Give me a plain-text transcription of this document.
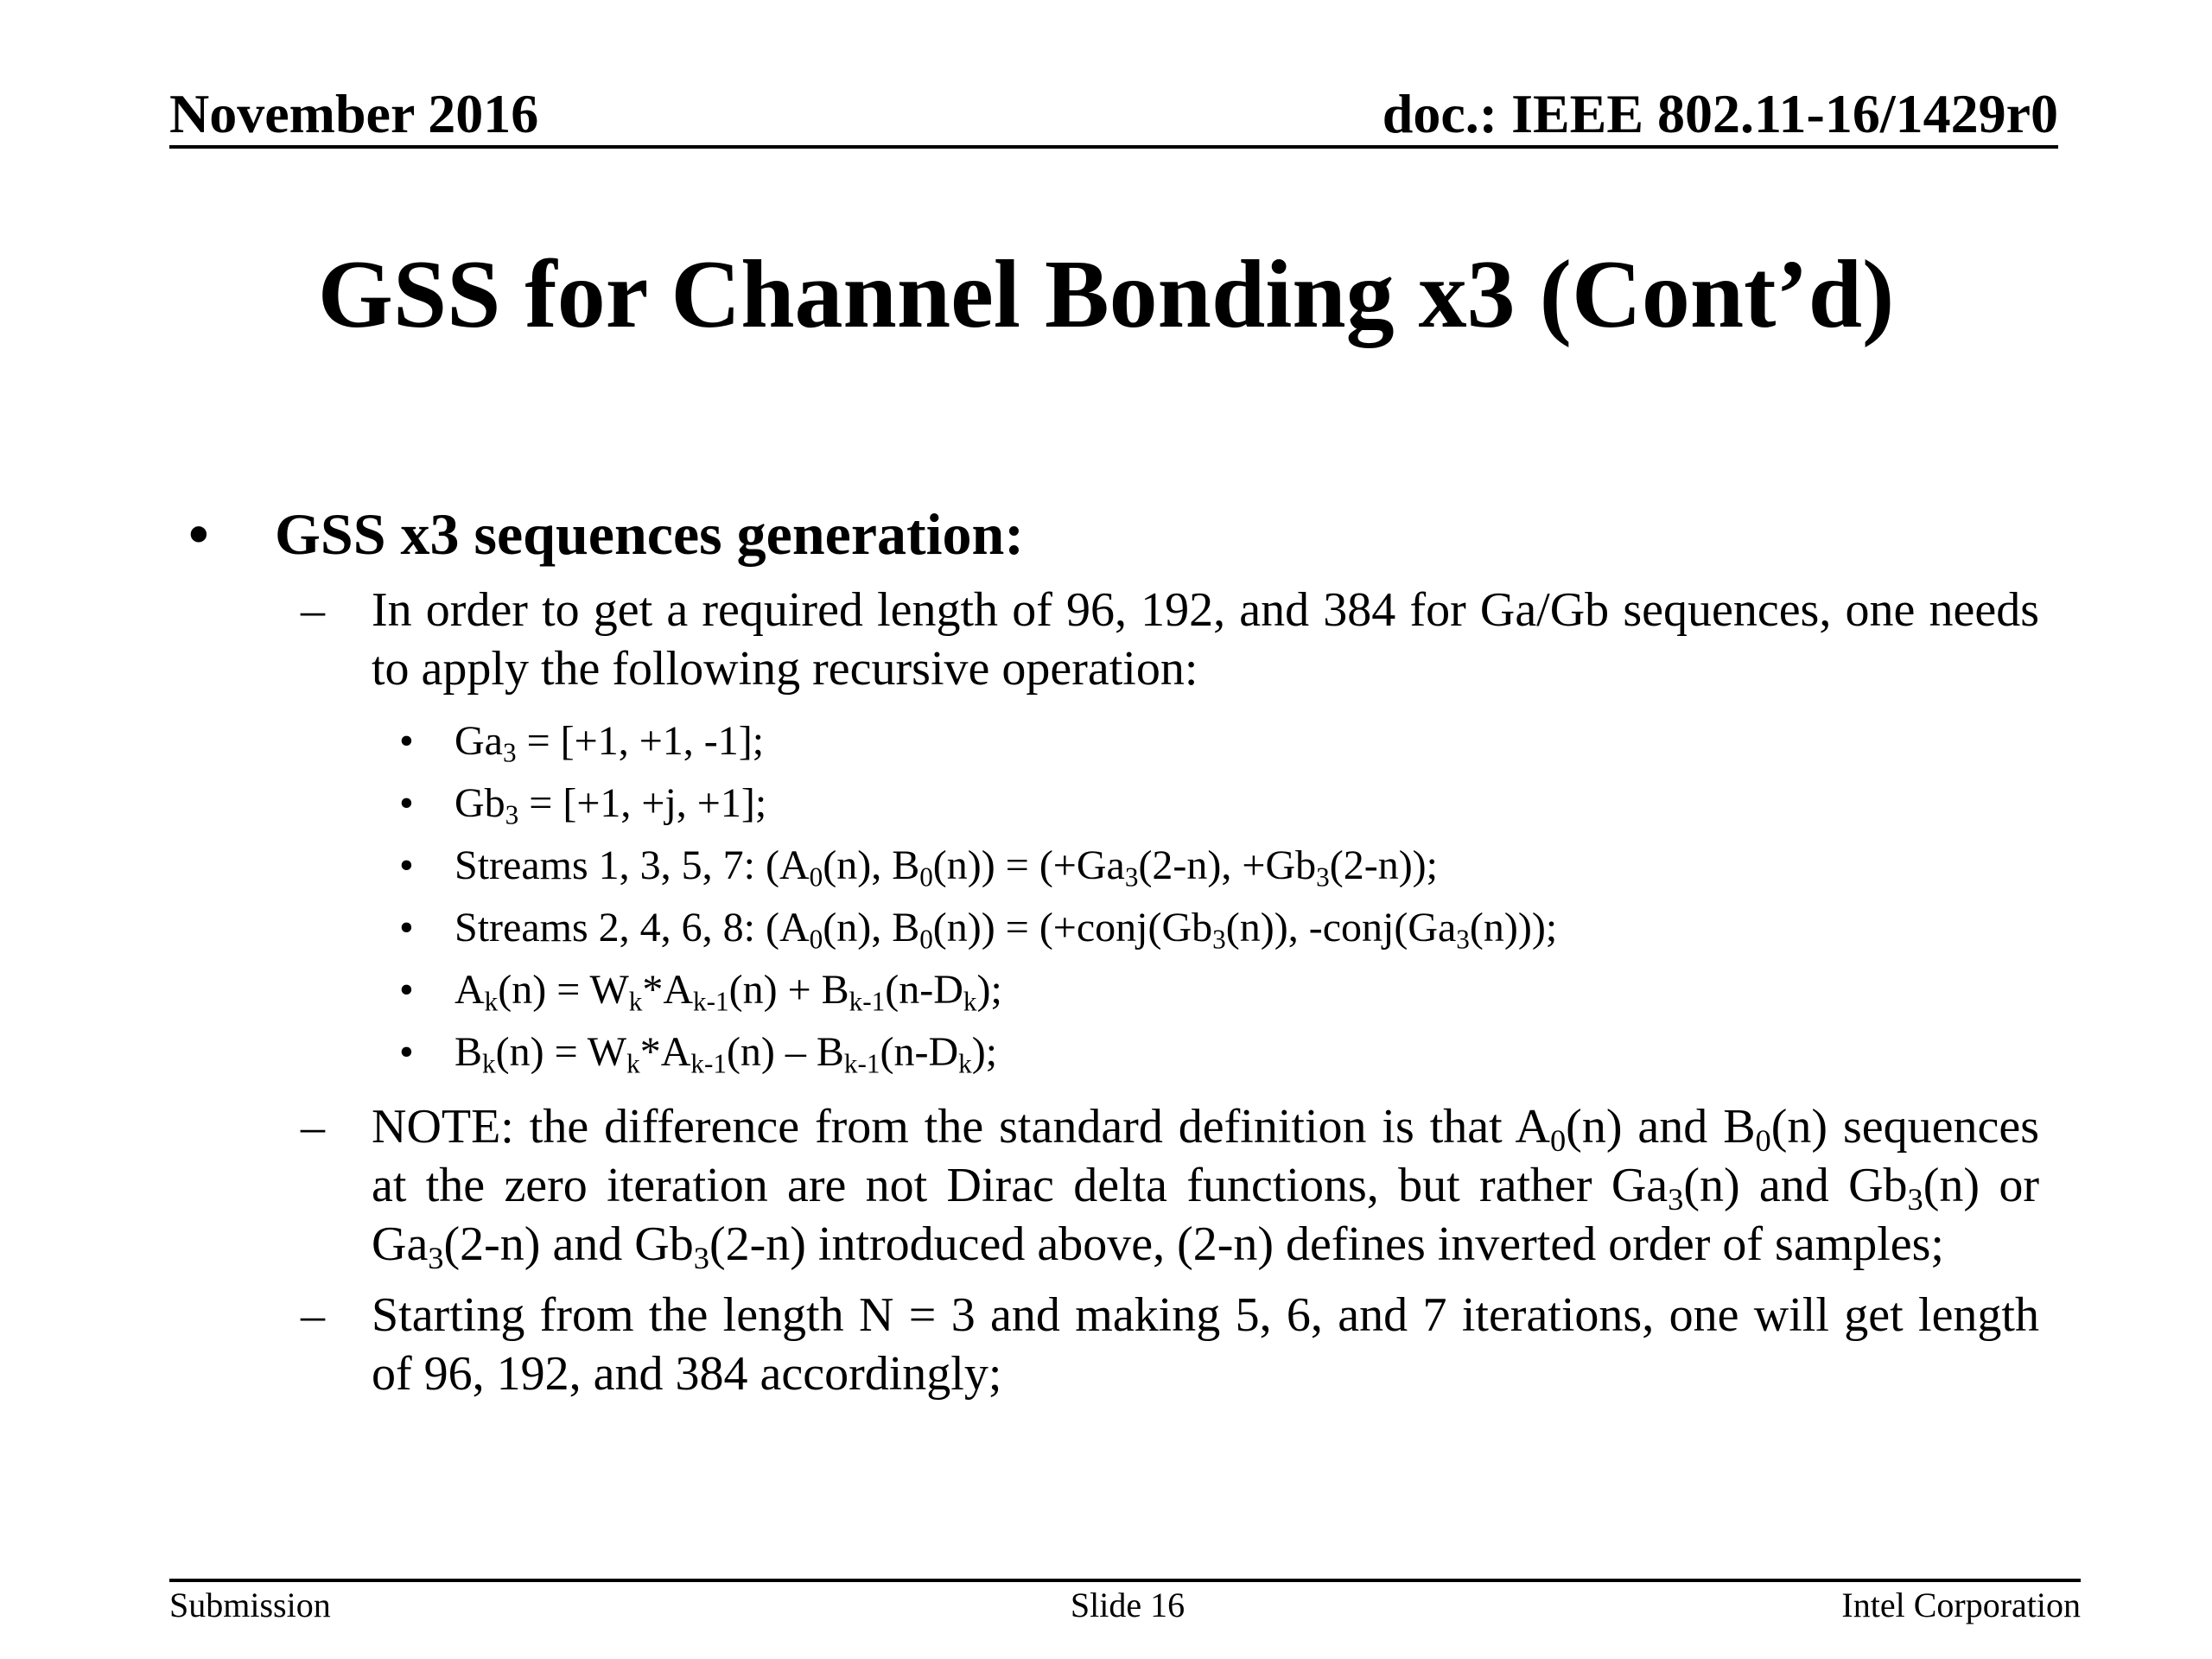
November 2016	doc.: IEEE 802.11-16/1429r0
GSS for Channel Bonding x3 (Cont’d)
• GSS x3 sequences generation:
– In order to get a required length of 96, 192, and 384 for Ga/Gb sequences, one needs to apply the following recursive operation:
• $Ga_3 = [+1$, +1, -1];
• $Gb_3 = [+1$, +j, +1];
• Streams 1, 3, 5, 7: ($A_0(n)$, $B_0(n)) = (+Ga_3(2-n)$, $+Gb_3(2-n)$);
• Streams 2, 4, 6, 8: ($A_0(n)$, $B_0(n)$) = ($+conj(Gb_3(n))$, $-conj(Ga_3(n))$);
• $A_k(n) = W_k*A_{k-1}(n) + B_{k-1}(n-D_k)$;
• $B_k(n) = W_k*A_{k-1}(n) - B_{k-1}(n-D_k)$;
– NOTE: the difference from the standard definition is that $A_0(n)$ and $B_0(n)$ sequences at the zero iteration are not Dirac delta functions, but rather $Ga_3(n)$ and $Gb_3(n)$ or $Ga_3(2-n)$ and $Gb_3(2-n)$ introduced above, (2-n) defines inverted order of samples;
– Starting from the length N = 3 and making 5, 6, and 7 iterations, one will get length of 96, 192, and 384 accordingly;
Submission	Slide 16	Intel Corporation
